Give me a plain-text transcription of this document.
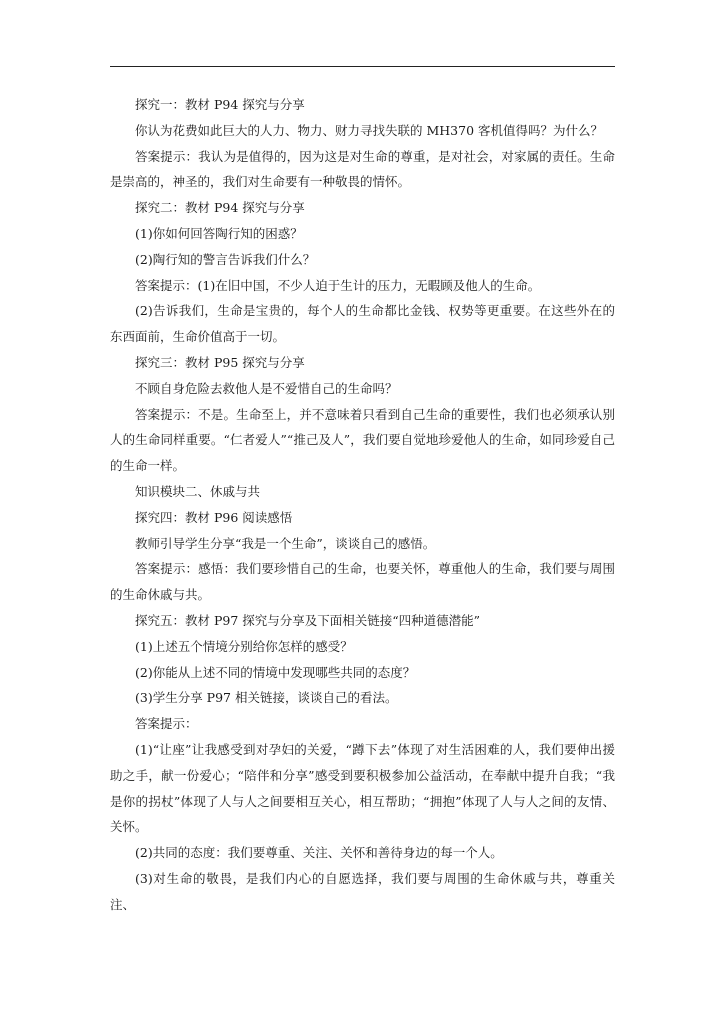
探究一：教材 P94 探究与分享

你认为花费如此巨大的人力、物力、财力寻找失联的 MH370 客机值得吗？为什么？

答案提示：我认为是值得的，因为这是对生命的尊重，是对社会，对家属的责任。生命是崇高的，神圣的，我们对生命要有一种敬畏的情怀。

探究二：教材 P94 探究与分享

(1)你如何回答陶行知的困惑？

(2)陶行知的警言告诉我们什么？

答案提示：(1)在旧中国，不少人迫于生计的压力，无暇顾及他人的生命。

(2)告诉我们，生命是宝贵的，每个人的生命都比金钱、权势等更重要。在这些外在的东西面前，生命价值高于一切。

探究三：教材 P95 探究与分享

不顾自身危险去救他人是不爱惜自己的生命吗？

答案提示：不是。生命至上，并不意味着只看到自己生命的重要性，我们也必须承认别人的生命同样重要。“仁者爱人”“推己及人”，我们要自觉地珍爱他人的生命，如同珍爱自己的生命一样。

知识模块二、休戚与共

探究四：教材 P96 阅读感悟

教师引导学生分享“我是一个生命”，谈谈自己的感悟。

答案提示：感悟：我们要珍惜自己的生命，也要关怀，尊重他人的生命，我们要与周围的生命休戚与共。

探究五：教材 P97 探究与分享及下面相关链接“四种道德潜能”

(1)上述五个情境分别给你怎样的感受？

(2)你能从上述不同的情境中发现哪些共同的态度？

(3)学生分享 P97 相关链接，谈谈自己的看法。

答案提示：

(1)“让座”让我感受到对孕妇的关爱，“蹲下去”体现了对生活困难的人，我们要伸出援助之手，献一份爱心；“陪伴和分享”感受到要积极参加公益活动，在奉献中提升自我；“我是你的拐杖”体现了人与人之间要相互关心，相互帮助；“拥抱”体现了人与人之间的友情、关怀。

(2)共同的态度：我们要尊重、关注、关怀和善待身边的每一个人。

(3)对生命的敬畏，是我们内心的自愿选择，我们要与周围的生命休戚与共，尊重关注、
